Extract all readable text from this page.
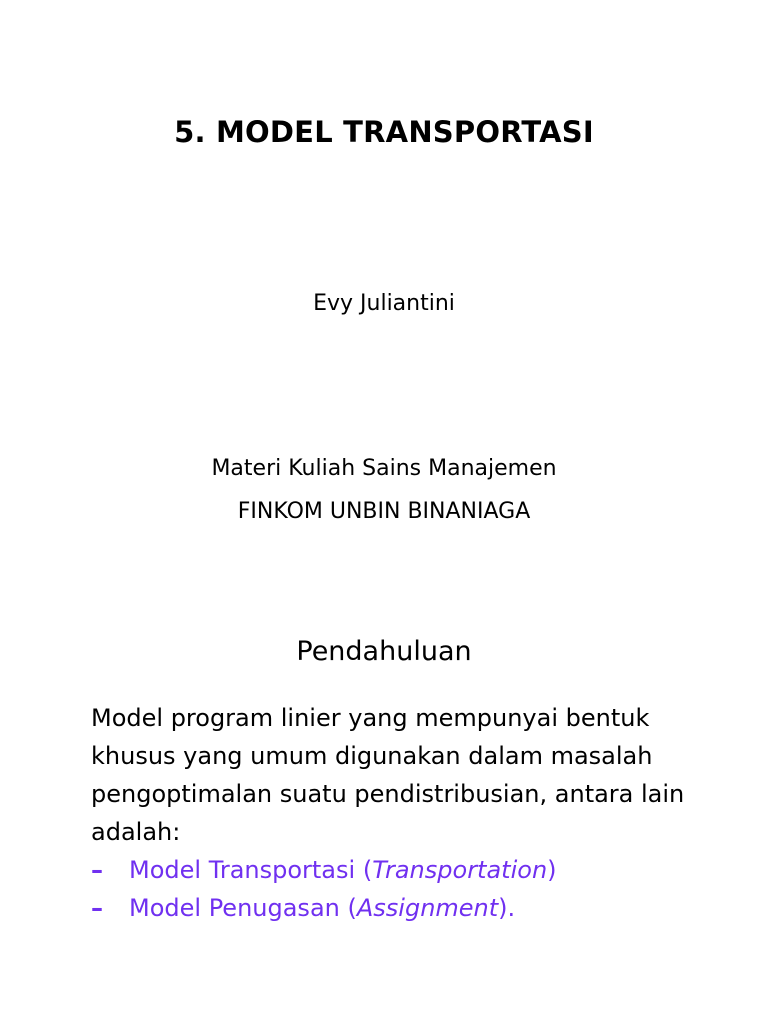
5. MODEL TRANSPORTASI
Evy Juliantini
Materi Kuliah Sains Manajemen
FINKOM UNBIN BINANIAGA
Pendahuluan

Model program linier yang mempunyai bentuk khusus yang umum digunakan dalam masalah pengoptimalan suatu pendistribusian, antara lain adalah:

– Model Transportasi (Transportation)
– Model Penugasan (Assignment).
